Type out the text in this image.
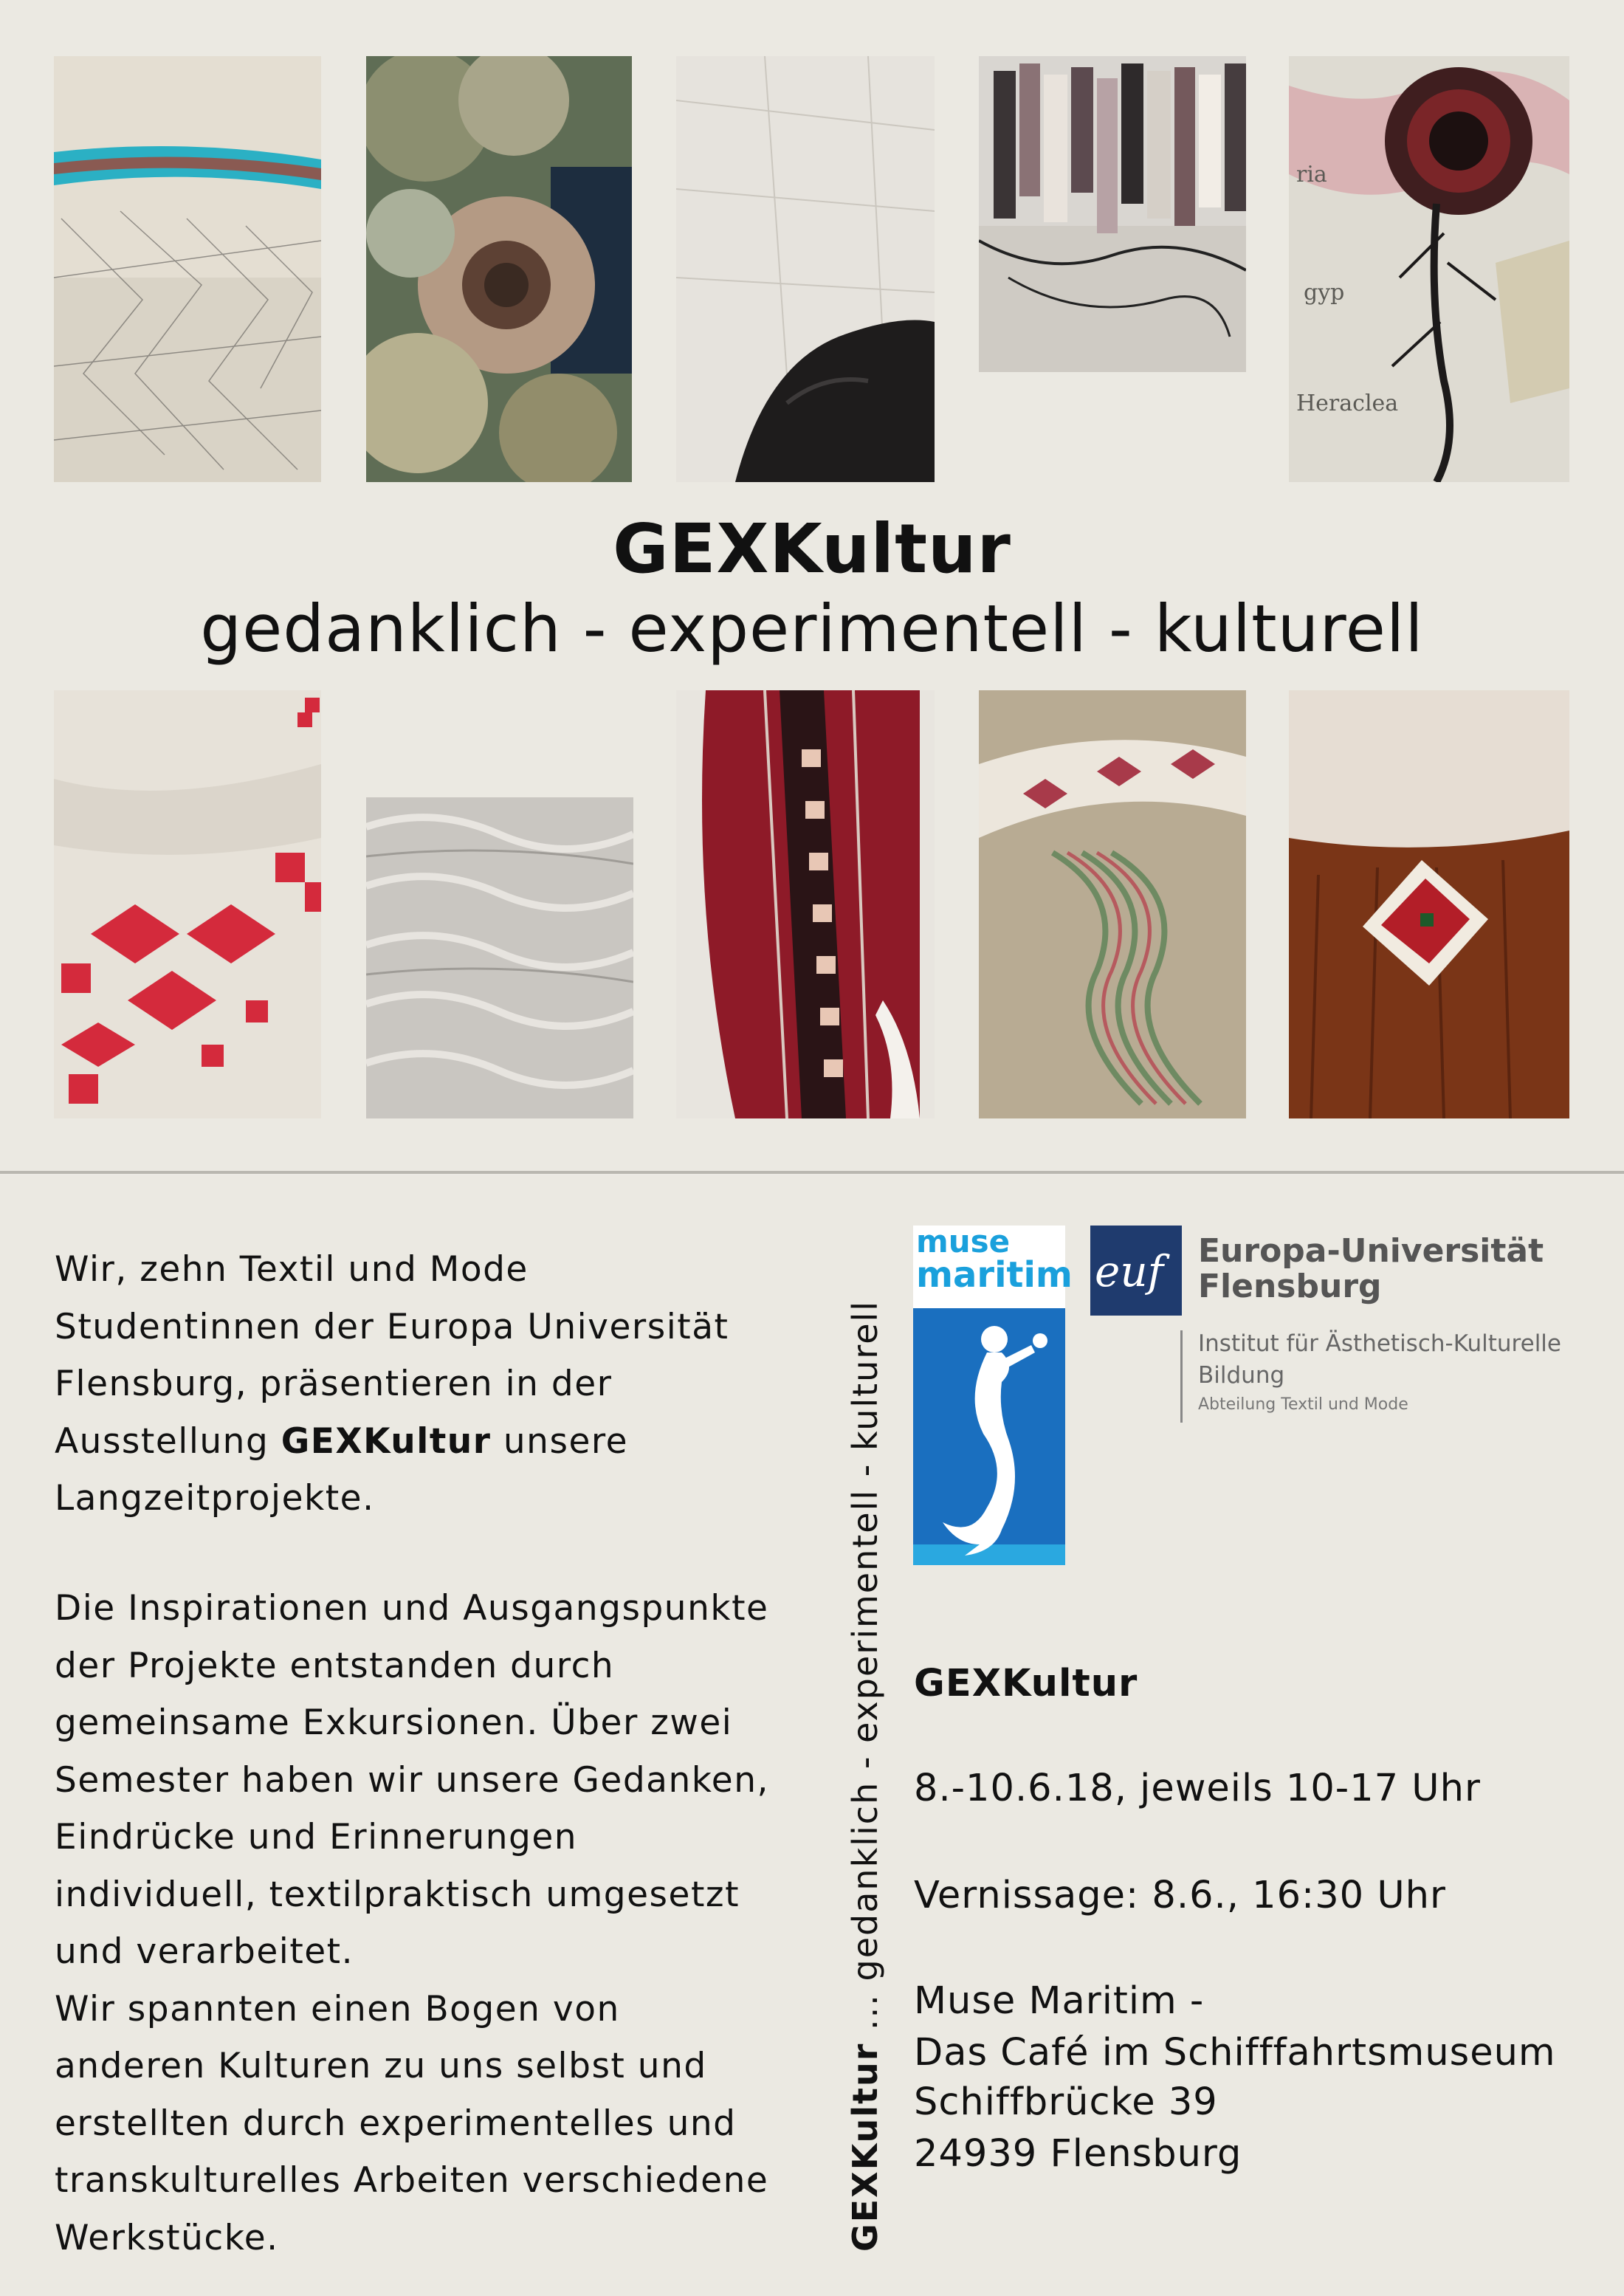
ria
gyp
Heraclea
GEXKultur
gedanklich - experimentell - kulturell
Wir, zehn Textil und Mode
Studentinnen der Europa Universität
Flensburg, präsentieren in der
Ausstellung GEXKultur unsere
Langzeitprojekte.
Die Inspirationen und Ausgangspunkte
der Projekte entstanden durch
gemeinsame Exkursionen. Über zwei
Semester haben wir unsere Gedanken,
Eindrücke und Erinnerungen
individuell, textilpraktisch umgesetzt
und verarbeitet.
Wir spannten einen Bogen von
anderen Kulturen zu uns selbst und
erstellten durch experimentelles und
transkulturelles Arbeiten verschiedene
Werkstücke.	GEXKultur ... gedanklich - experimentell - kulturell
muse
maritim euf Europa-Universität
Flensburg
Institut für Ästhetisch-Kulturelle
Bildung
Abteilung Textil und Mode
GEXKultur
8.-10.6.18, jeweils 10-17 Uhr
Vernissage: 8.6., 16:30 Uhr
Muse Maritim -
Das Café im Schifffahrtsmuseum
Schiffbrücke 39
24939 Flensburg
